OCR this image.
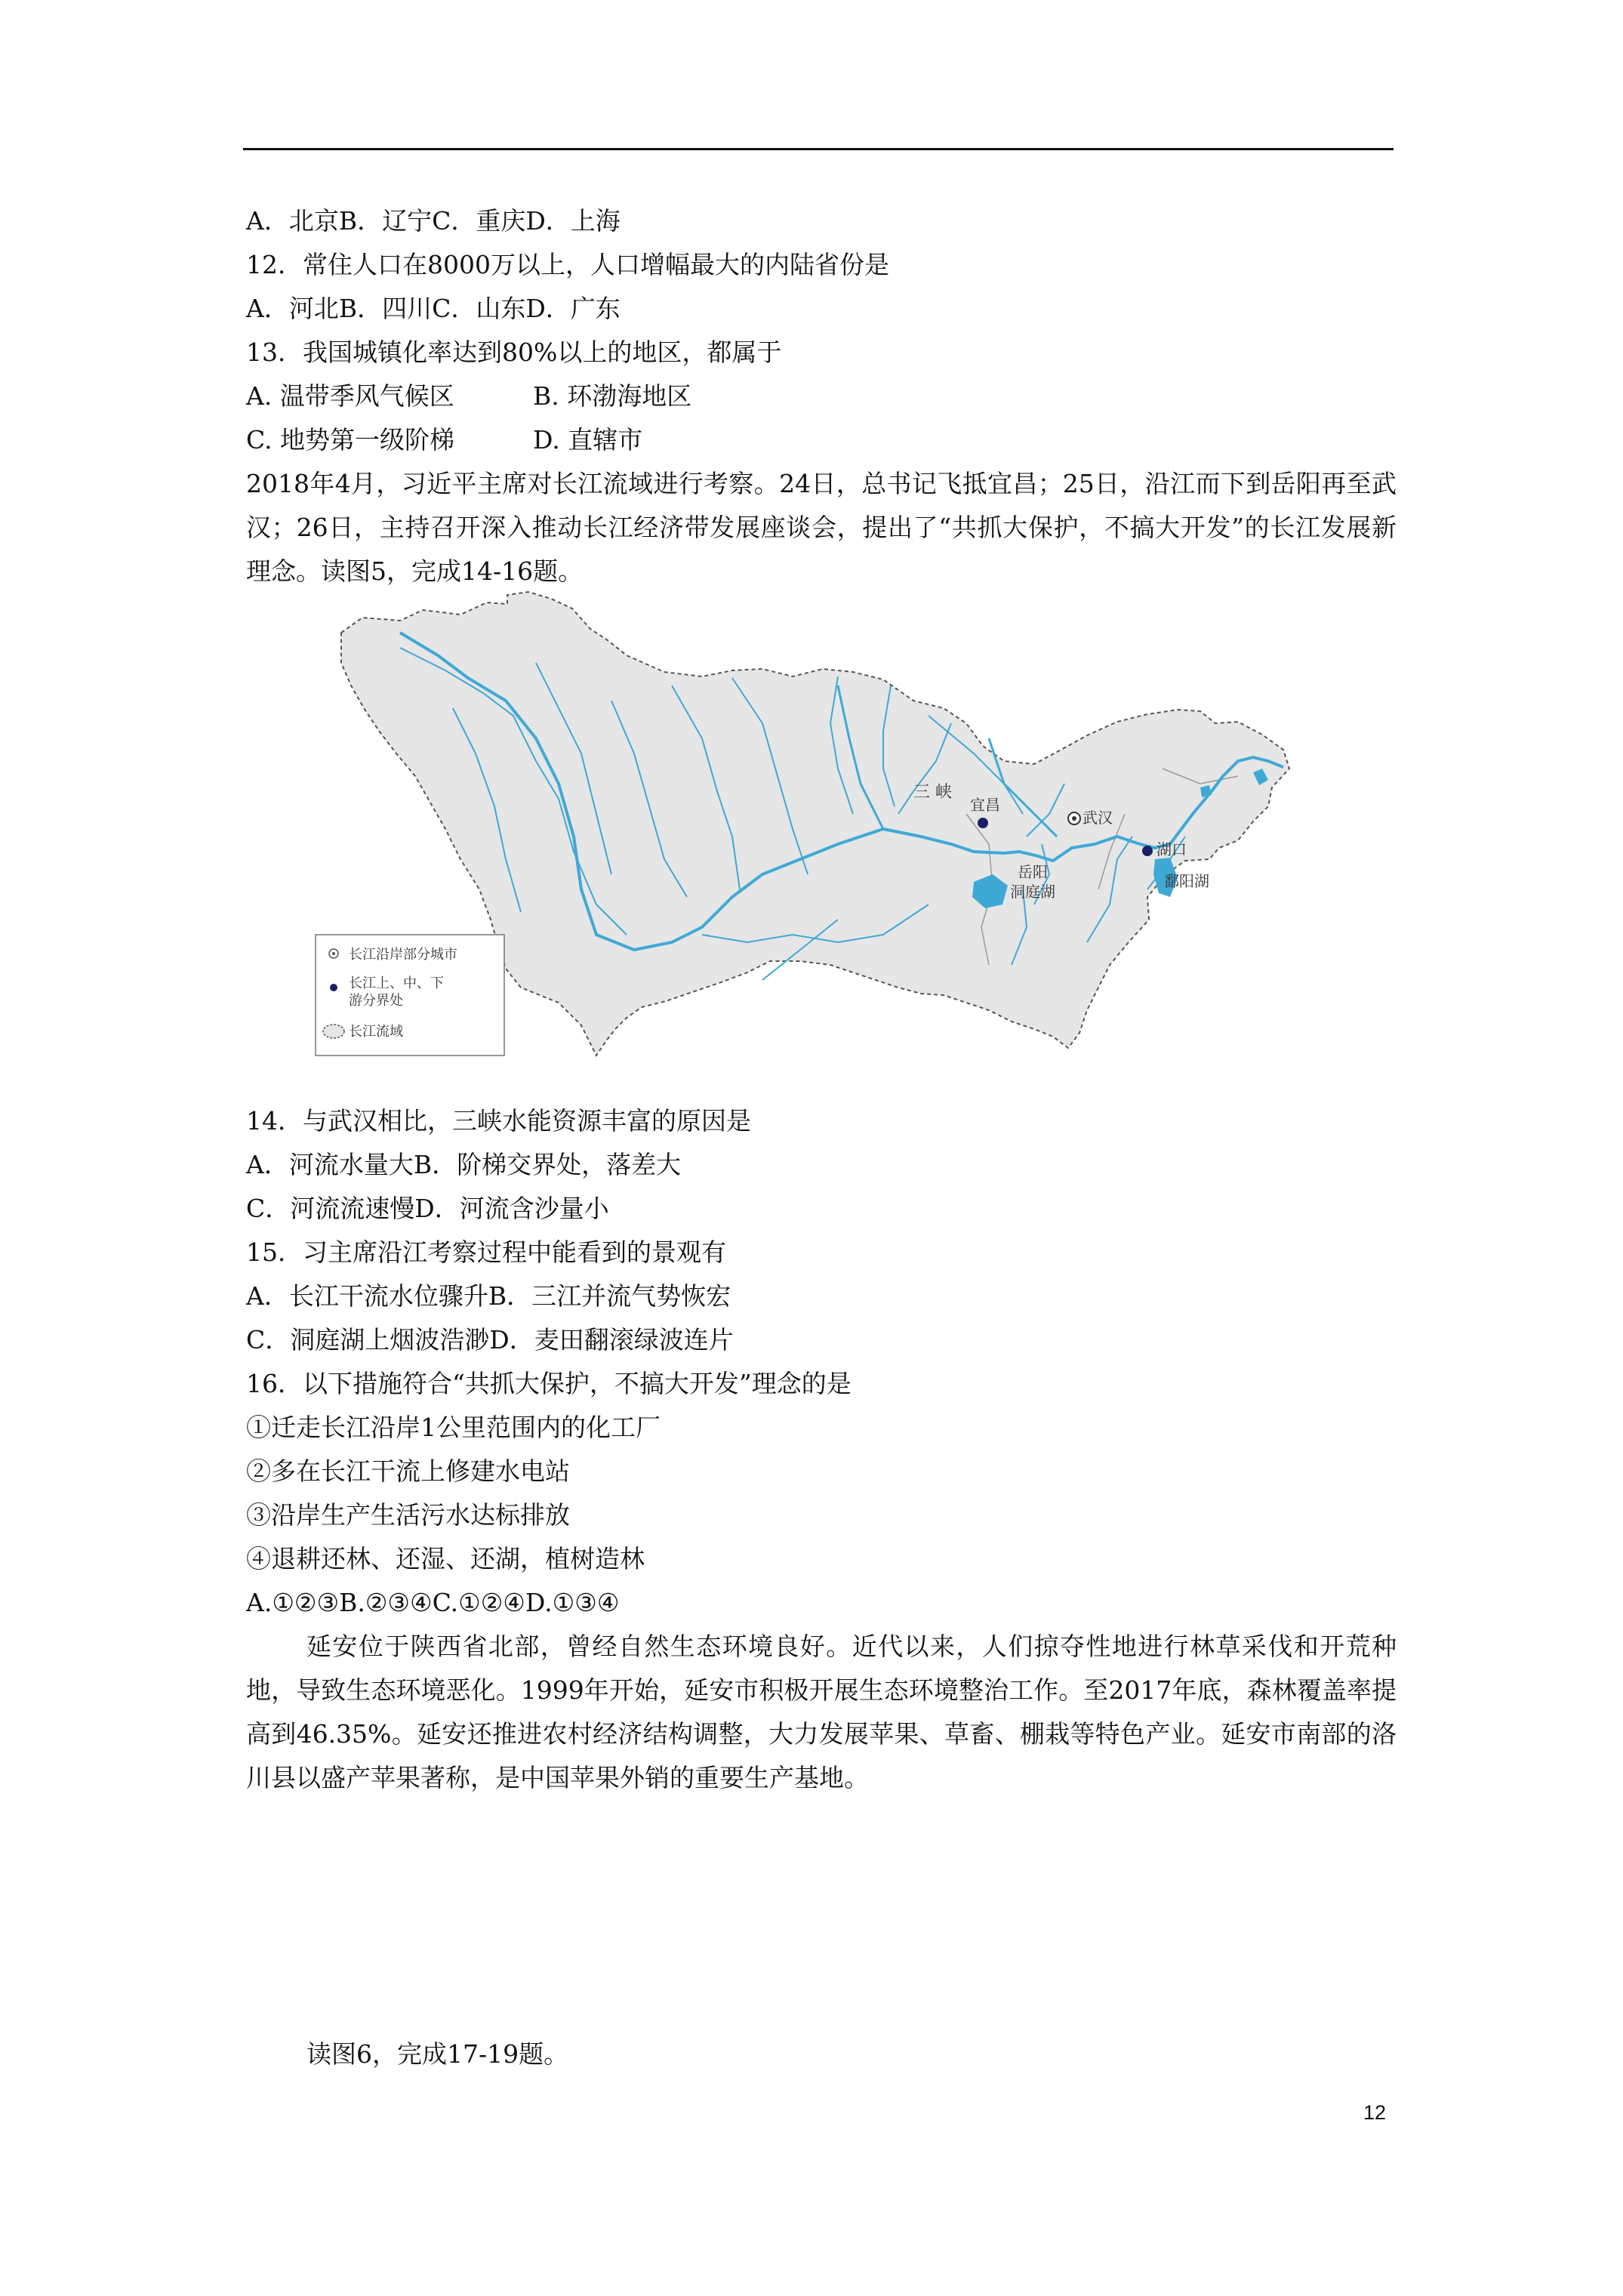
A．北京B．辽宁C．重庆D．上海
12．常住人口在8000万以上，人口增幅最大的内陆省份是
A．河北B．四川C．山东D．广东
13．我国城镇化率达到80%以上的地区，都属于
A. 温带季风气候区	B. 环渤海地区
C. 地势第一级阶梯	D. 直辖市
2018年4月，习近平主席对长江流域进行考察。24日，总书记飞抵宜昌；25日，沿江而下到岳阳再至武汉；26日，主持召开深入推动长江经济带发展座谈会，提出了“共抓大保护，不搞大开发”的长江发展新理念。读图5，完成14-16题。
三 峡
宜昌
武汉
湖口
岳阳
洞庭湖
鄱阳湖
长江沿岸部分城市
长江上、中、下
游分界处
长江流域
14．与武汉相比，三峡水能资源丰富的原因是
A．河流水量大B．阶梯交界处，落差大
C．河流流速慢D．河流含沙量小
15．习主席沿江考察过程中能看到的景观有
A．长江干流水位骤升B．三江并流气势恢宏
C．洞庭湖上烟波浩渺D．麦田翻滚绿波连片
16．以下措施符合“共抓大保护，不搞大开发”理念的是
①迁走长江沿岸1公里范围内的化工厂
②多在长江干流上修建水电站
③沿岸生产生活污水达标排放
④退耕还林、还湿、还湖，植树造林
A.①②③B.②③④C.①②④D.①③④
延安位于陕西省北部，曾经自然生态环境良好。近代以来，人们掠夺性地进行林草采伐和开荒种地，导致生态环境恶化。1999年开始，延安市积极开展生态环境整治工作。至2017年底，森林覆盖率提高到46.35%。延安还推进农村经济结构调整，大力发展苹果、草畜、棚栽等特色产业。延安市南部的洛川县以盛产苹果著称，是中国苹果外销的重要生产基地。
读图6，完成17-19题。
12
